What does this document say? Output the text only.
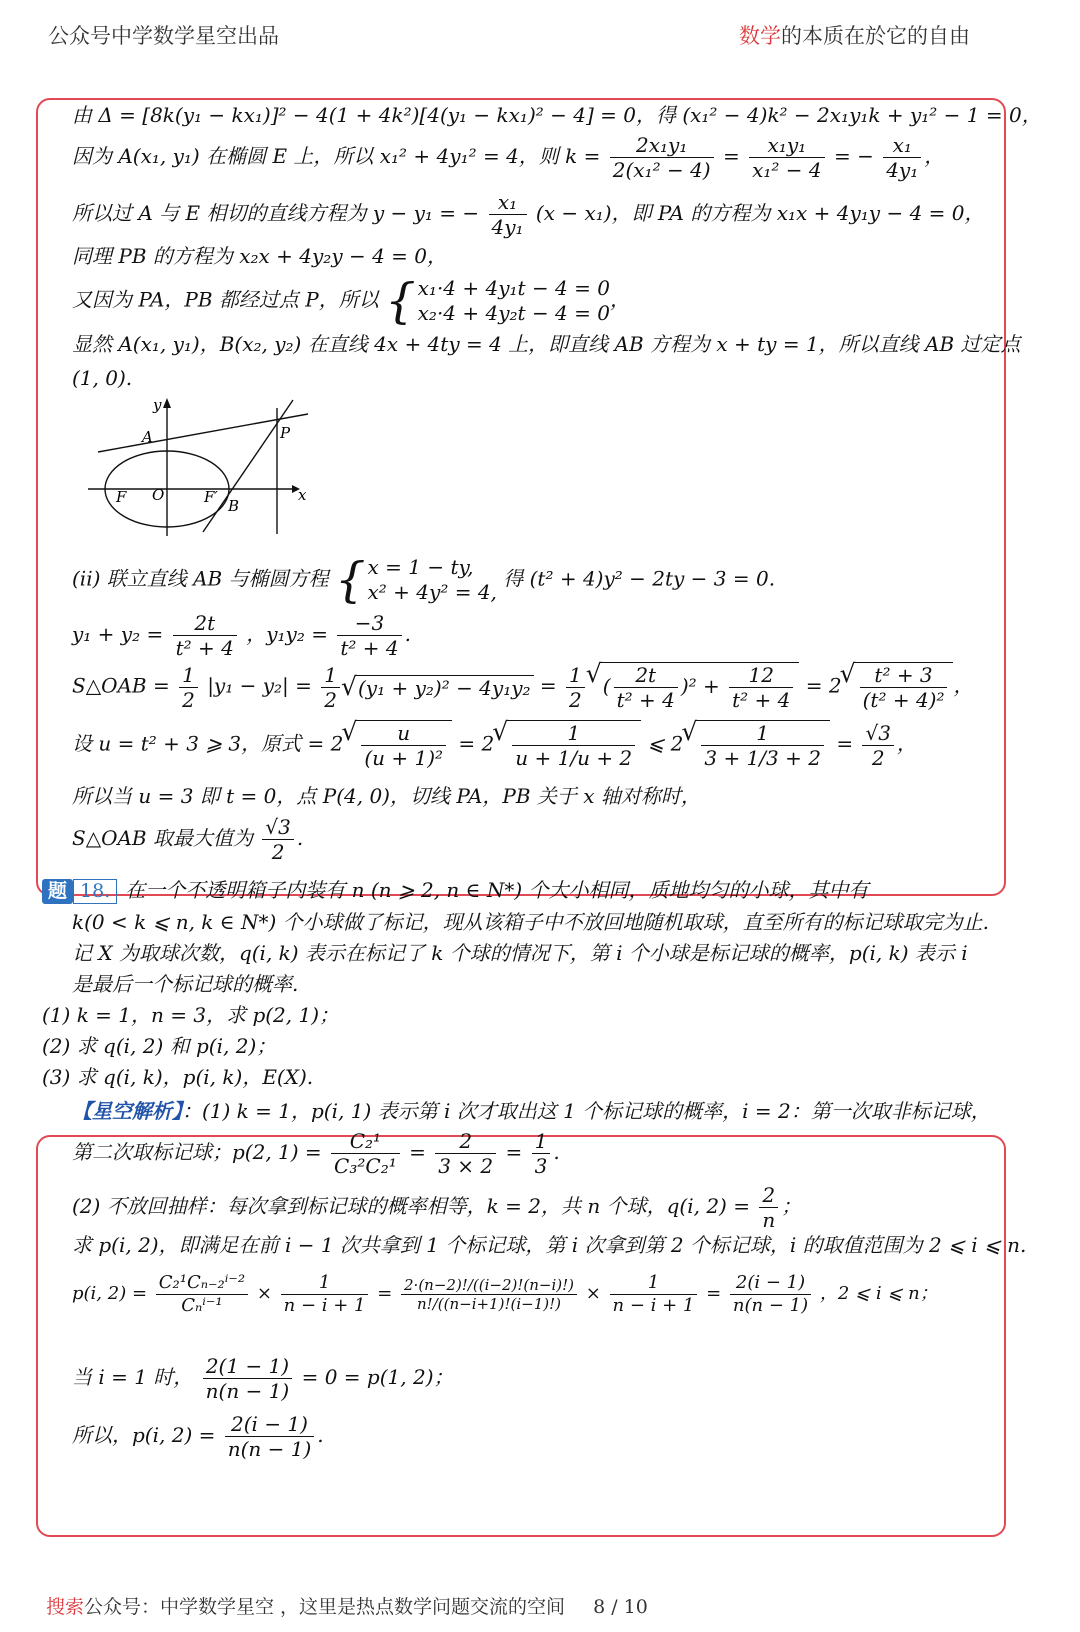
公众号中学数学星空出品	数学的本质在於它的自由
由 Δ = [8k(y₁ − kx₁)]² − 4(1 + 4k²)[4(y₁ − kx₁)² − 4] = 0，得 (x₁² − 4)k² − 2x₁y₁k + y₁² − 1 = 0，
因为 A(x₁, y₁) 在椭圆 E 上，所以 x₁² + 4y₁² = 4，则 $k = \frac{\text{2x₁y₁}}{\text{2(x₁² − 4)}} = \frac{\text{x₁y₁}}{\text{x₁² − 4}}$ = − $\frac{\text{x₁}}{\text{4y₁}}$ ，
所以过 A 与 E 相切的直线方程为 y − y₁ = − $\frac{\text{x₁}}{\text{4y₁}} (x - x_1)$，即 PA 的方程为 x₁x + 4y₁y − 4 = 0，
同理 PB 的方程为 x₂x + 4y₂y − 4 = 0，
又因为 PA，PB 都经过点 P，所以 { x₁·4 + 4y₁t − 4 = 0
x₂·4 + 4y₂t − 4 = 0，
显然 A(x₁, y₁)，B(x₂, y₂) 在直线 4x + 4ty = 4 上，即直线 AB 方程为 x + ty = 1，所以直线 AB 过定点
(1, 0).
y
x
A	P
F O	F′ B
(ii) 联立直线 AB 与椭圆方程 { x = 1 − ty,
x² + 4y² = 4, 得 (t² + 4)y² − 2ty − 3 = 0.
$y_1 + y_2 = \frac{2t}{\text{t² + 4}}$ ，$y_1y_2 = \frac{-3}{\text{t² + 4}}$ .
S△OAB = $\frac{1}{2} |y_1 - y_2| = \frac{1}{2}$ √ $(y_1 + y_2)^2 - 4y_1y_2 = \frac{1}{2}$ √ ( $\frac{2t}{\text{t² + 4}} )^2 + \frac{12}{\text{t² + 4}} = 2$ √ $\frac{\text{t² + 3}}{\text{(t² + 4)²}}$ ，
设 u = t² + 3 ⩾ 3，原式 = 2 √ $\frac{u}{\text{(u + 1)²}} = 2$ √ $\frac{1}{u + 1/u + 2}$ ⩽ 2 √ $\frac{1}{3 + 1/3 + 2} = \frac{√3}{2}$ ，
所以当 u = 3 即 t = 0，点 P(4, 0)，切线 PA，PB 关于 x 轴对称时，
S△OAB 取最大值为 $\frac{√3}{2}$ .
题 18. 在一个不透明箱子内装有 n (n ⩾ 2, n ∈ N*) 个大小相同，质地均匀的小球，其中有
k(0 < k ⩽ n, k ∈ N*) 个小球做了标记，现从该箱子中不放回地随机取球，直至所有的标记球取完为止.
记 X 为取球次数，q(i, k) 表示在标记了 k 个球的情况下，第 i 个小球是标记球的概率，p(i, k) 表示 i
是最后一个标记球的概率.
(1) k = 1，n = 3，求 p(2, 1)；
(2) 求 q(i, 2) 和 p(i, 2)；
(3) 求 q(i, k)，p(i, k)，E(X).
【星空解析】：(1) k = 1，p(i, 1) 表示第 i 次才取出这 1 个标记球的概率，i = 2：第一次取非标记球，
第二次取标记球；p(2, $1) = \frac{\text{C₂¹}}{\text{C₃²C₂¹}} = \frac{2}{3 \times 2} = \frac{1}{3}$ .
(2) 不放回抽样：每次拿到标记球的概率相等，k = 2，共 n 个球，q(i, $2) = \frac{2}{n}$ ；
求 p(i, 2)，即满足在前 i − 1 次共拿到 1 个标记球，第 i 次拿到第 2 个标记球，i 的取值范围为 2 ⩽ i ⩽ n.
p(i, $2) = \frac{\text{C₂¹Cₙ₋₂ⁱ⁻²}}{\text{Cₙⁱ⁻¹}} \times \frac{1}{n - i + 1} = \frac{2\cdot(n-2)!/((i-2)!(n-i)!)}{n!/((n-i+1)!(i-1)!)} \times \frac{1}{n - i + 1} = \frac{2(i - 1)}{n(n - 1)}$ ，2 ⩽ i ⩽ n；
当 i = 1 时， $\frac{2(1 - 1)}{n(n - 1)} = 0 = p(1$, 2)；
所以，p(i, $2) = \frac{2(i - 1)}{n(n - 1)}$ .
搜索公众号：中学数学星空 ，这里是热点数学问题交流的空间 8 / 10
